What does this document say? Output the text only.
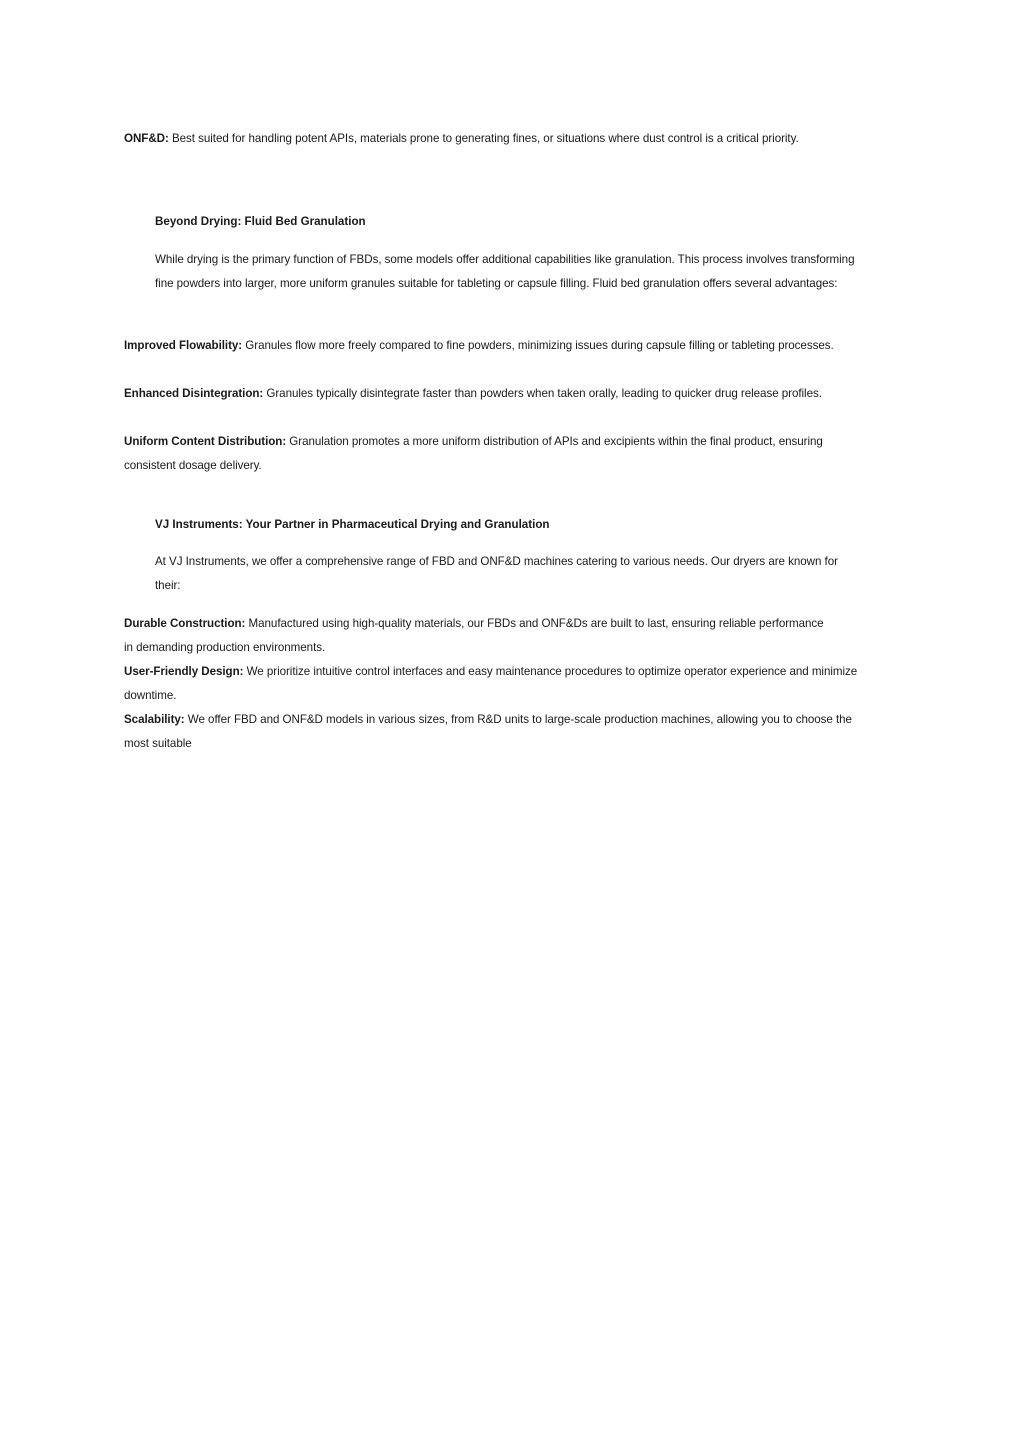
ONF&D: Best suited for handling potent APIs, materials prone to generating fines, or situations where dust control is a critical priority.

Beyond Drying: Fluid Bed Granulation

While drying is the primary function of FBDs, some models offer additional capabilities like granulation. This process involves transforming fine powders into larger, more uniform granules suitable for tableting or capsule filling. Fluid bed granulation offers several advantages:

Improved Flowability: Granules flow more freely compared to fine powders, minimizing issues during capsule filling or tableting processes.

Enhanced Disintegration: Granules typically disintegrate faster than powders when taken orally, leading to quicker drug release profiles.

Uniform Content Distribution: Granulation promotes a more uniform distribution of APIs and excipients within the final product, ensuring consistent dosage delivery.

VJ Instruments: Your Partner in Pharmaceutical Drying and Granulation

At VJ Instruments, we offer a comprehensive range of FBD and ONF&D machines catering to various needs. Our dryers are known for their:

Durable Construction: Manufactured using high-quality materials, our FBDs and ONF&Ds are built to last, ensuring reliable performance in demanding production environments.

User-Friendly Design: We prioritize intuitive control interfaces and easy maintenance procedures to optimize operator experience and minimize downtime.

Scalability: We offer FBD and ONF&D models in various sizes, from R&D units to large-scale production machines, allowing you to choose the most suitable
